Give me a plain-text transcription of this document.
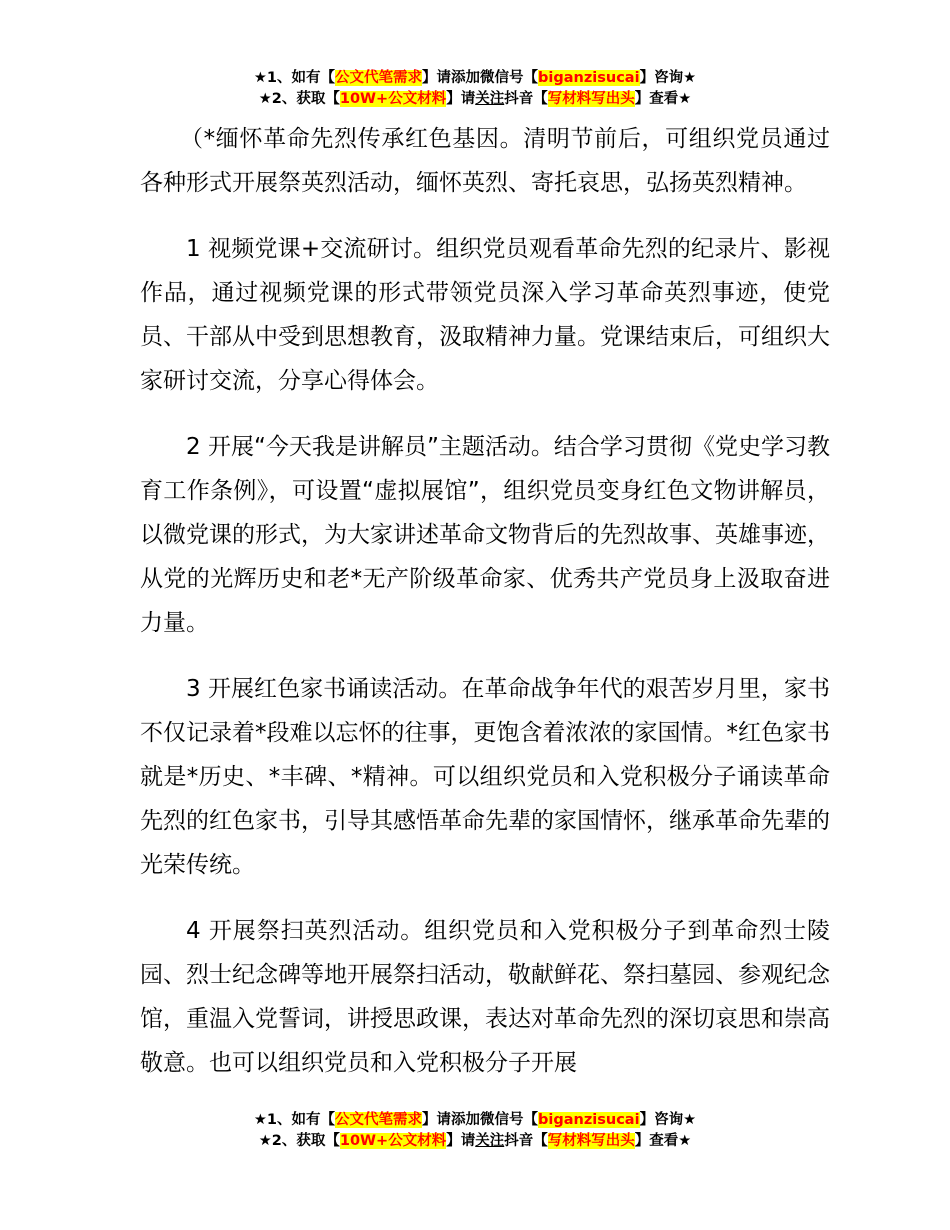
★1、如有【公文代笔需求】请添加微信号【biganzisucai】咨询★
★2、获取【10W+公文材料】请关注抖音【写材料写出头】查看★

（*缅怀革命先烈传承红色基因。清明节前后，可组织党员通过各种形式开展祭英烈活动，缅怀英烈、寄托哀思，弘扬英烈精神。

1 视频党课+交流研讨。组织党员观看革命先烈的纪录片、影视作品，通过视频党课的形式带领党员深入学习革命英烈事迹，使党员、干部从中受到思想教育，汲取精神力量。党课结束后，可组织大家研讨交流，分享心得体会。

2 开展“今天我是讲解员”主题活动。结合学习贯彻《党史学习教育工作条例》，可设置“虚拟展馆”，组织党员变身红色文物讲解员，以微党课的形式，为大家讲述革命文物背后的先烈故事、英雄事迹，从党的光辉历史和老*无产阶级革命家、优秀共产党员身上汲取奋进力量。

3 开展红色家书诵读活动。在革命战争年代的艰苦岁月里，家书不仅记录着*段难以忘怀的往事，更饱含着浓浓的家国情。*红色家书就是*历史、*丰碑、*精神。可以组织党员和入党积极分子诵读革命先烈的红色家书，引导其感悟革命先辈的家国情怀，继承革命先辈的光荣传统。

4 开展祭扫英烈活动。组织党员和入党积极分子到革命烈士陵园、烈士纪念碑等地开展祭扫活动，敬献鲜花、祭扫墓园、参观纪念馆，重温入党誓词，讲授思政课，表达对革命先烈的深切哀思和崇高敬意。也可以组织党员和入党积极分子开展

★1、如有【公文代笔需求】请添加微信号【biganzisucai】咨询★
★2、获取【10W+公文材料】请关注抖音【写材料写出头】查看★
